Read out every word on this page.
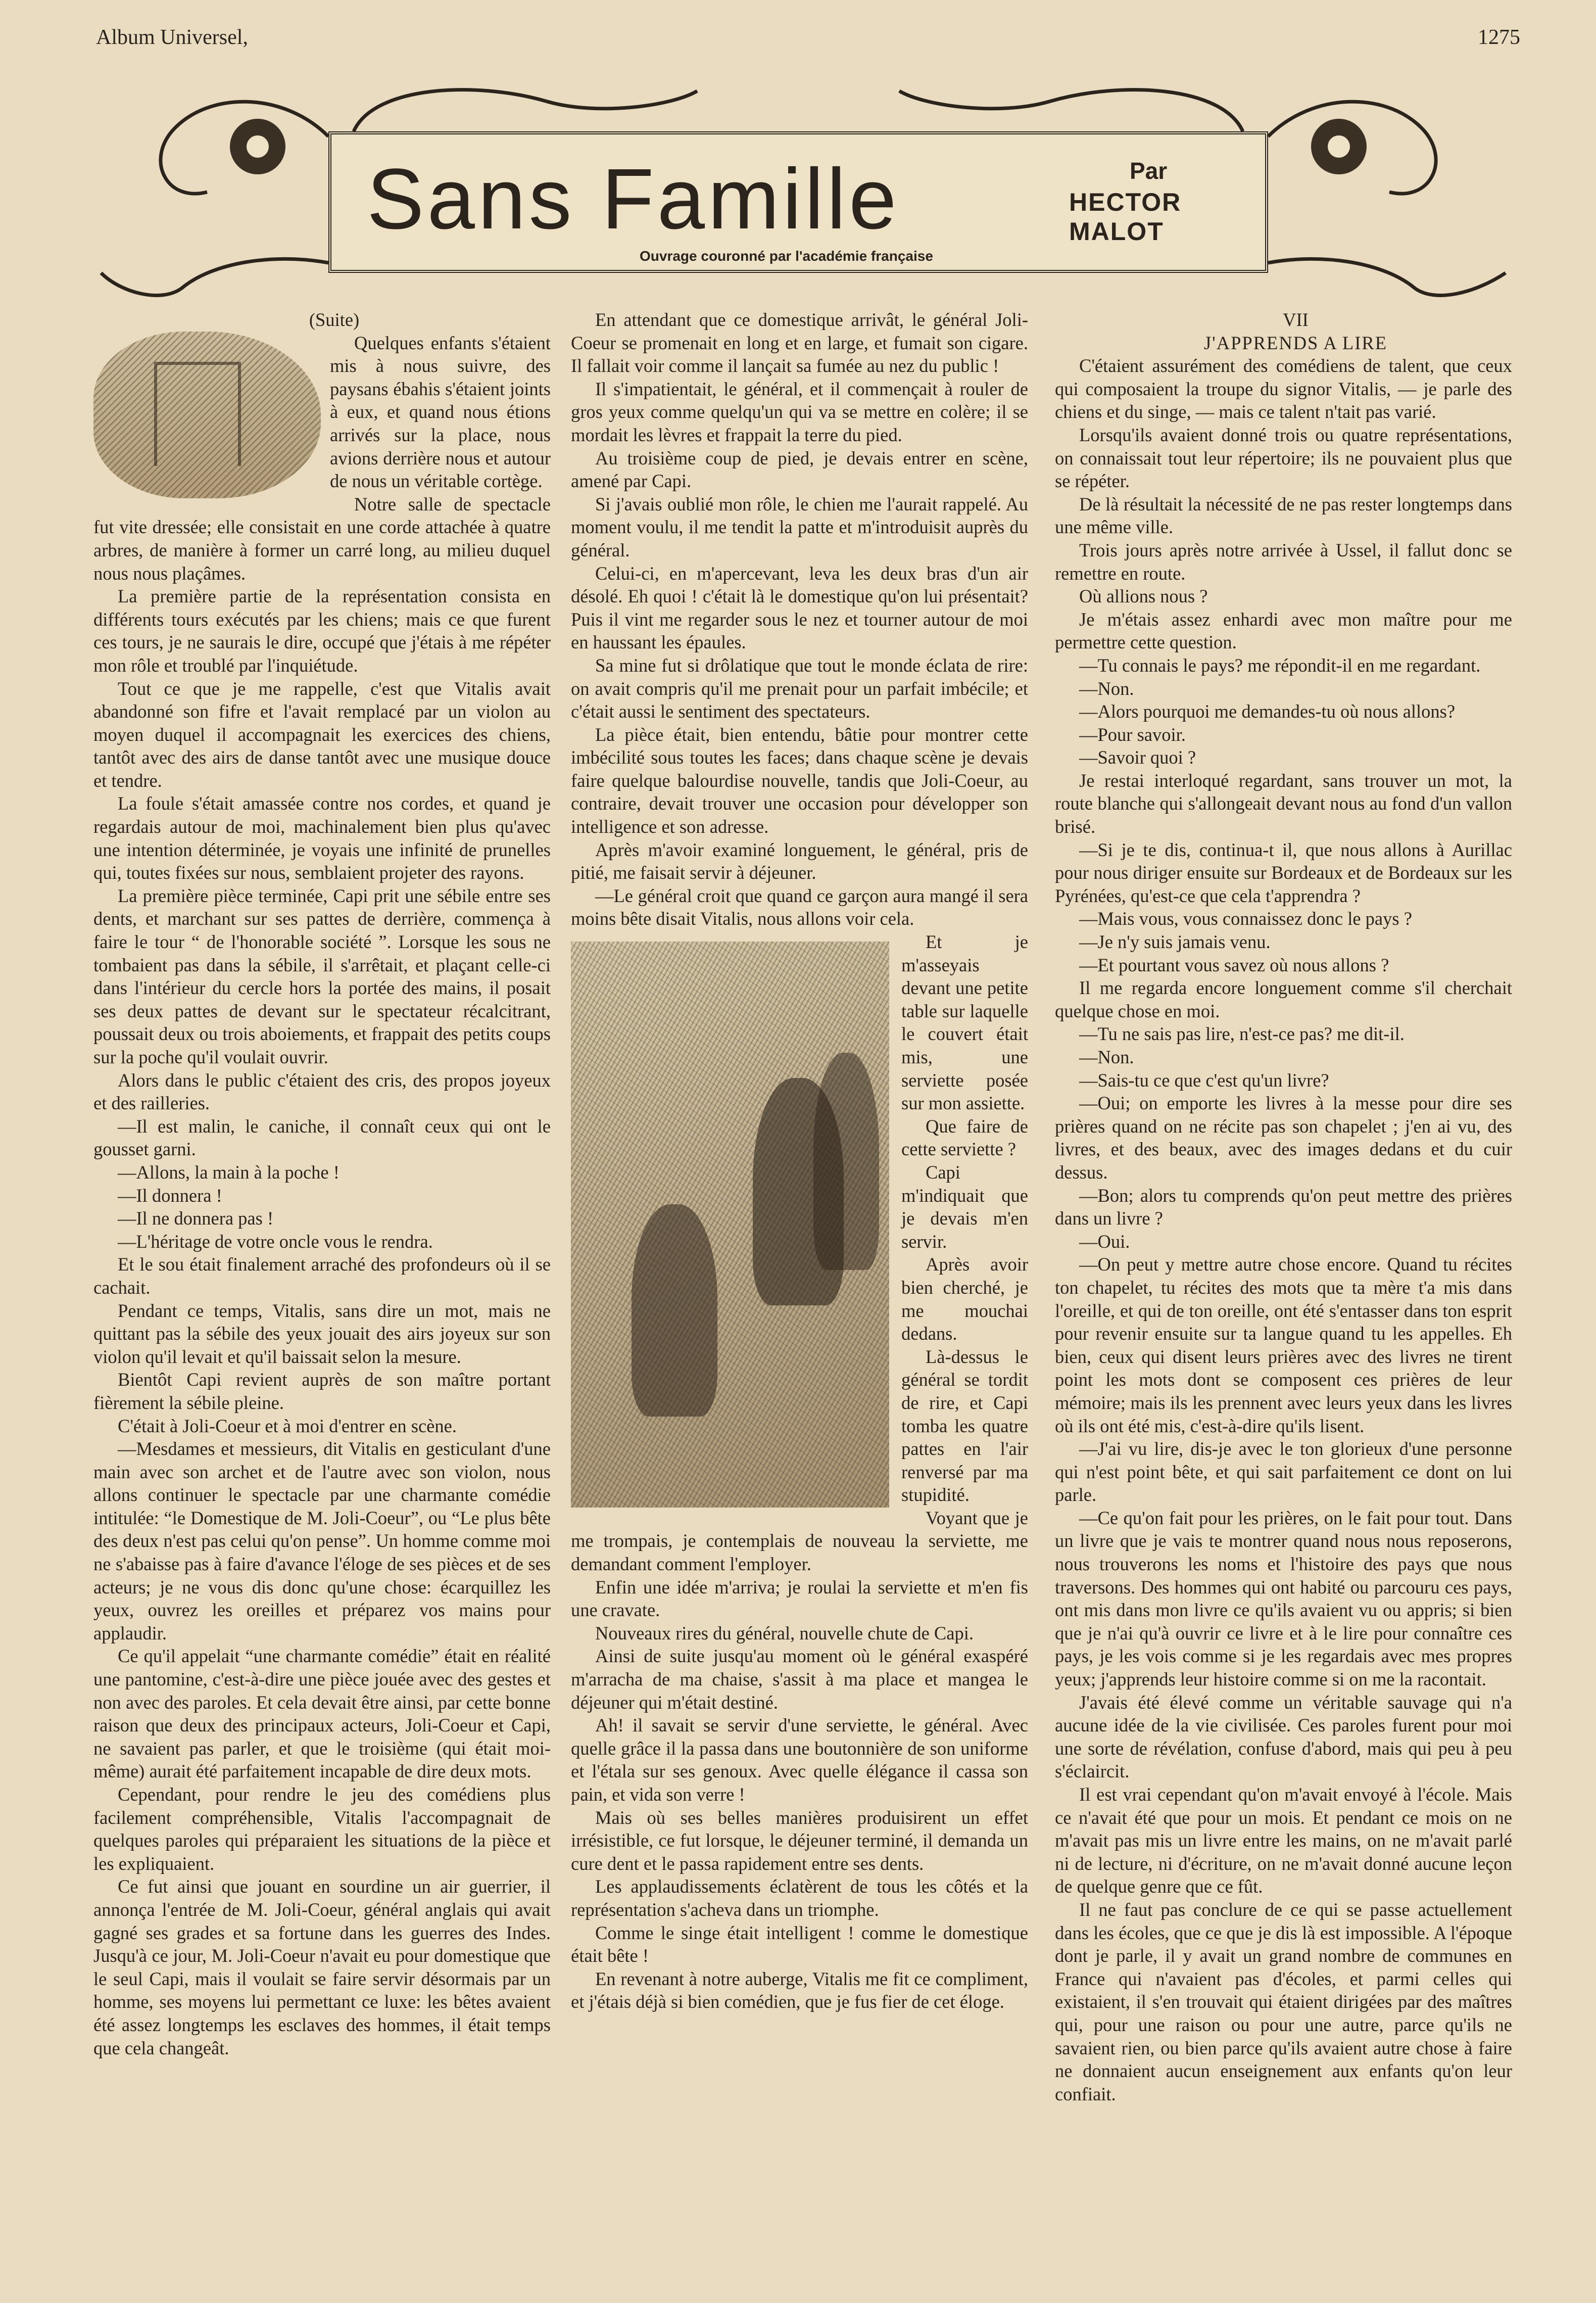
Album Universel,	1275
Sans Famille	Par
HECTOR MALOT
Ouvrage couronné par l'académie française

(Suite)

Quelques enfants s'étaient mis à nous suivre, des paysans ébahis s'étaient joints à eux, et quand nous étions arrivés sur la place, nous avions derrière nous et autour de nous un véritable cortège.

Notre salle de spectacle fut vite dressée; elle consistait en une corde attachée à quatre arbres, de manière à former un carré long, au milieu duquel nous nous plaçâmes.

La première partie de la représentation consista en différents tours exécutés par les chiens; mais ce que furent ces tours, je ne saurais le dire, occupé que j'étais à me répéter mon rôle et troublé par l'inquiétude.

Tout ce que je me rappelle, c'est que Vitalis avait abandonné son fifre et l'avait remplacé par un violon au moyen duquel il accompagnait les exercices des chiens, tantôt avec des airs de danse tantôt avec une musique douce et tendre.

La foule s'était amassée contre nos cordes, et quand je regardais autour de moi, machinalement bien plus qu'avec une intention déterminée, je voyais une infinité de prunelles qui, toutes fixées sur nous, semblaient projeter des rayons.

La première pièce terminée, Capi prit une sébile entre ses dents, et marchant sur ses pattes de derrière, commença à faire le tour “ de l'honorable société ”. Lorsque les sous ne tombaient pas dans la sébile, il s'arrêtait, et plaçant celle-ci dans l'intérieur du cercle hors la portée des mains, il posait ses deux pattes de devant sur le spectateur récalcitrant, poussait deux ou trois aboiements, et frappait des petits coups sur la poche qu'il voulait ouvrir.

Alors dans le public c'étaient des cris, des propos joyeux et des railleries.

—Il est malin, le caniche, il connaît ceux qui ont le gousset garni.

—Allons, la main à la poche !

—Il donnera !

—Il ne donnera pas !

—L'héritage de votre oncle vous le rendra.

Et le sou était finalement arraché des profondeurs où il se cachait.

Pendant ce temps, Vitalis, sans dire un mot, mais ne quittant pas la sébile des yeux jouait des airs joyeux sur son violon qu'il levait et qu'il baissait selon la mesure.

Bientôt Capi revient auprès de son maître portant fièrement la sébile pleine.

C'était à Joli-Coeur et à moi d'entrer en scène.

—Mesdames et messieurs, dit Vitalis en gesticulant d'une main avec son archet et de l'autre avec son violon, nous allons continuer le spectacle par une charmante comédie intitulée: “le Domestique de M. Joli-Coeur”, ou “Le plus bête des deux n'est pas celui qu'on pense”. Un homme comme moi ne s'abaisse pas à faire d'avance l'éloge de ses pièces et de ses acteurs; je ne vous dis donc qu'une chose: écarquillez les yeux, ouvrez les oreilles et préparez vos mains pour applaudir.

Ce qu'il appelait “une charmante comédie” était en réalité une pantomine, c'est-à-dire une pièce jouée avec des gestes et non avec des paroles. Et cela devait être ainsi, par cette bonne raison que deux des principaux acteurs, Joli-Coeur et Capi, ne savaient pas parler, et que le troisième (qui était moi-même) aurait été parfaitement incapable de dire deux mots.

Cependant, pour rendre le jeu des comédiens plus facilement compréhensible, Vitalis l'accompagnait de quelques paroles qui préparaient les situations de la pièce et les expliquaient.

Ce fut ainsi que jouant en sourdine un air guerrier, il annonça l'entrée de M. Joli-Coeur, général anglais qui avait gagné ses grades et sa fortune dans les guerres des Indes. Jusqu'à ce jour, M. Joli-Coeur n'avait eu pour domestique que le seul Capi, mais il voulait se faire servir désormais par un homme, ses moyens lui permettant ce luxe: les bêtes avaient été assez longtemps les esclaves des hommes, il était temps que cela changeât.

En attendant que ce domestique arrivât, le général Joli-Coeur se promenait en long et en large, et fumait son cigare. Il fallait voir comme il lançait sa fumée au nez du public !

Il s'impatientait, le général, et il commençait à rouler de gros yeux comme quelqu'un qui va se mettre en colère; il se mordait les lèvres et frappait la terre du pied.

Au troisième coup de pied, je devais entrer en scène, amené par Capi.

Si j'avais oublié mon rôle, le chien me l'aurait rappelé. Au moment voulu, il me tendit la patte et m'introduisit auprès du général.

Celui-ci, en m'apercevant, leva les deux bras d'un air désolé. Eh quoi ! c'était là le domestique qu'on lui présentait? Puis il vint me regarder sous le nez et tourner autour de moi en haussant les épaules.

Sa mine fut si drôlatique que tout le monde éclata de rire: on avait compris qu'il me prenait pour un parfait imbécile; et c'était aussi le sentiment des spectateurs.

La pièce était, bien entendu, bâtie pour montrer cette imbécilité sous toutes les faces; dans chaque scène je devais faire quelque balourdise nouvelle, tandis que Joli-Coeur, au contraire, devait trouver une occasion pour développer son intelligence et son adresse.

Après m'avoir examiné longuement, le général, pris de pitié, me faisait servir à déjeuner.

—Le général croit que quand ce garçon aura mangé il sera moins bête disait Vitalis, nous allons voir cela.

Et je m'asseyais devant une petite table sur laquelle le couvert était mis, une serviette posée sur mon assiette.

Que faire de cette serviette ?

Capi m'indiquait que je devais m'en servir.

Après avoir bien cherché, je me mouchai dedans.

Là-dessus le général se tordit de rire, et Capi tomba les quatre pattes en l'air renversé par ma stupidité.

Voyant que je me trompais, je contemplais de nouveau la serviette, me demandant comment l'employer.

Enfin une idée m'arriva; je roulai la serviette et m'en fis une cravate.

Nouveaux rires du général, nouvelle chute de Capi.

Ainsi de suite jusqu'au moment où le général exaspéré m'arracha de ma chaise, s'assit à ma place et mangea le déjeuner qui m'était destiné.

Ah! il savait se servir d'une serviette, le général. Avec quelle grâce il la passa dans une boutonnière de son uniforme et l'étala sur ses genoux. Avec quelle élégance il cassa son pain, et vida son verre !

Mais où ses belles manières produisirent un effet irrésistible, ce fut lorsque, le déjeuner terminé, il demanda un cure dent et le passa rapidement entre ses dents.

Les applaudissements éclatèrent de tous les côtés et la représentation s'acheva dans un triomphe.

Comme le singe était intelligent ! comme le domestique était bête !

En revenant à notre auberge, Vitalis me fit ce compliment, et j'étais déjà si bien comédien, que je fus fier de cet éloge.

VII

J'APPRENDS A LIRE

C'étaient assurément des comédiens de talent, que ceux qui composaient la troupe du signor Vitalis, — je parle des chiens et du singe, — mais ce talent n'tait pas varié.

Lorsqu'ils avaient donné trois ou quatre représentations, on connaissait tout leur répertoire; ils ne pouvaient plus que se répéter.

De là résultait la nécessité de ne pas rester longtemps dans une même ville.

Trois jours après notre arrivée à Ussel, il fallut donc se remettre en route.

Où allions nous ?

Je m'étais assez enhardi avec mon maître pour me permettre cette question.

—Tu connais le pays? me répondit-il en me regardant.

—Non.

—Alors pourquoi me demandes-tu où nous allons?

—Pour savoir.

—Savoir quoi ?

Je restai interloqué regardant, sans trouver un mot, la route blanche qui s'allongeait devant nous au fond d'un vallon brisé.

—Si je te dis, continua-t il, que nous allons à Aurillac pour nous diriger ensuite sur Bordeaux et de Bordeaux sur les Pyrénées, qu'est-ce que cela t'apprendra ?

—Mais vous, vous connaissez donc le pays ?

—Je n'y suis jamais venu.

—Et pourtant vous savez où nous allons ?

Il me regarda encore longuement comme s'il cherchait quelque chose en moi.

—Tu ne sais pas lire, n'est-ce pas? me dit-il.

—Non.

—Sais-tu ce que c'est qu'un livre?

—Oui; on emporte les livres à la messe pour dire ses prières quand on ne récite pas son chapelet ; j'en ai vu, des livres, et des beaux, avec des images dedans et du cuir dessus.

—Bon; alors tu comprends qu'on peut mettre des prières dans un livre ?

—Oui.

—On peut y mettre autre chose encore. Quand tu récites ton chapelet, tu récites des mots que ta mère t'a mis dans l'oreille, et qui de ton oreille, ont été s'entasser dans ton esprit pour revenir ensuite sur ta langue quand tu les appelles. Eh bien, ceux qui disent leurs prières avec des livres ne tirent point les mots dont se composent ces prières de leur mémoire; mais ils les prennent avec leurs yeux dans les livres où ils ont été mis, c'est-à-dire qu'ils lisent.

—J'ai vu lire, dis-je avec le ton glorieux d'une personne qui n'est point bête, et qui sait parfaitement ce dont on lui parle.

—Ce qu'on fait pour les prières, on le fait pour tout. Dans un livre que je vais te montrer quand nous nous reposerons, nous trouverons les noms et l'histoire des pays que nous traversons. Des hommes qui ont habité ou parcouru ces pays, ont mis dans mon livre ce qu'ils avaient vu ou appris; si bien que je n'ai qu'à ouvrir ce livre et à le lire pour connaître ces pays, je les vois comme si je les regardais avec mes propres yeux; j'apprends leur histoire comme si on me la racontait.

J'avais été élevé comme un véritable sauvage qui n'a aucune idée de la vie civilisée. Ces paroles furent pour moi une sorte de révélation, confuse d'abord, mais qui peu à peu s'éclaircit.

Il est vrai cependant qu'on m'avait envoyé à l'école. Mais ce n'avait été que pour un mois. Et pendant ce mois on ne m'avait pas mis un livre entre les mains, on ne m'avait parlé ni de lecture, ni d'écriture, on ne m'avait donné aucune leçon de quelque genre que ce fût.

Il ne faut pas conclure de ce qui se passe actuellement dans les écoles, que ce que je dis là est impossible. A l'époque dont je parle, il y avait un grand nombre de communes en France qui n'avaient pas d'écoles, et parmi celles qui existaient, il s'en trouvait qui étaient dirigées par des maîtres qui, pour une raison ou pour une autre, parce qu'ils ne savaient rien, ou bien parce qu'ils avaient autre chose à faire ne donnaient aucun enseignement aux enfants qu'on leur confiait.
